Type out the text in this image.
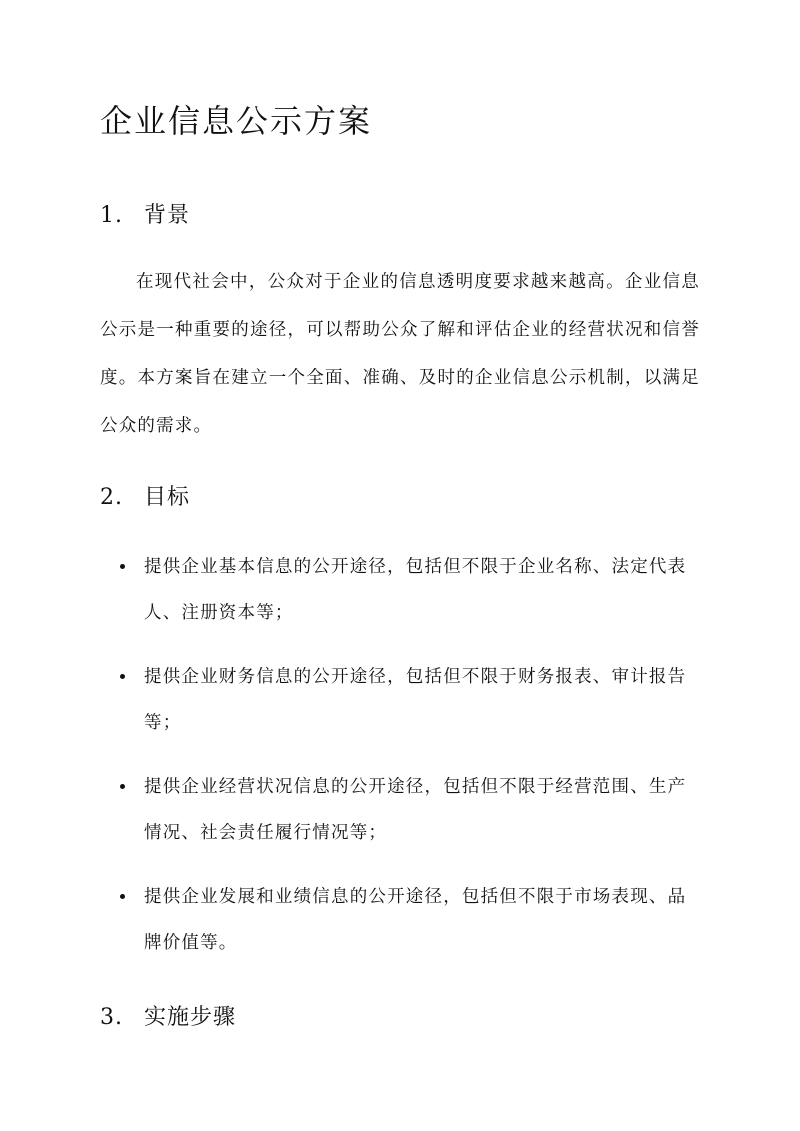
企业信息公示方案
1. 背景

在现代社会中，公众对于企业的信息透明度要求越来越高。企业信息公示是一种重要的途径，可以帮助公众了解和评估企业的经营状况和信誉度。本方案旨在建立一个全面、准确、及时的企业信息公示机制，以满足公众的需求。

2. 目标
提供企业基本信息的公开途径，包括但不限于企业名称、法定代表人、注册资本等；
提供企业财务信息的公开途径，包括但不限于财务报表、审计报告等；
提供企业经营状况信息的公开途径，包括但不限于经营范围、生产情况、社会责任履行情况等；
提供企业发展和业绩信息的公开途径，包括但不限于市场表现、品牌价值等。
3. 实施步骤
